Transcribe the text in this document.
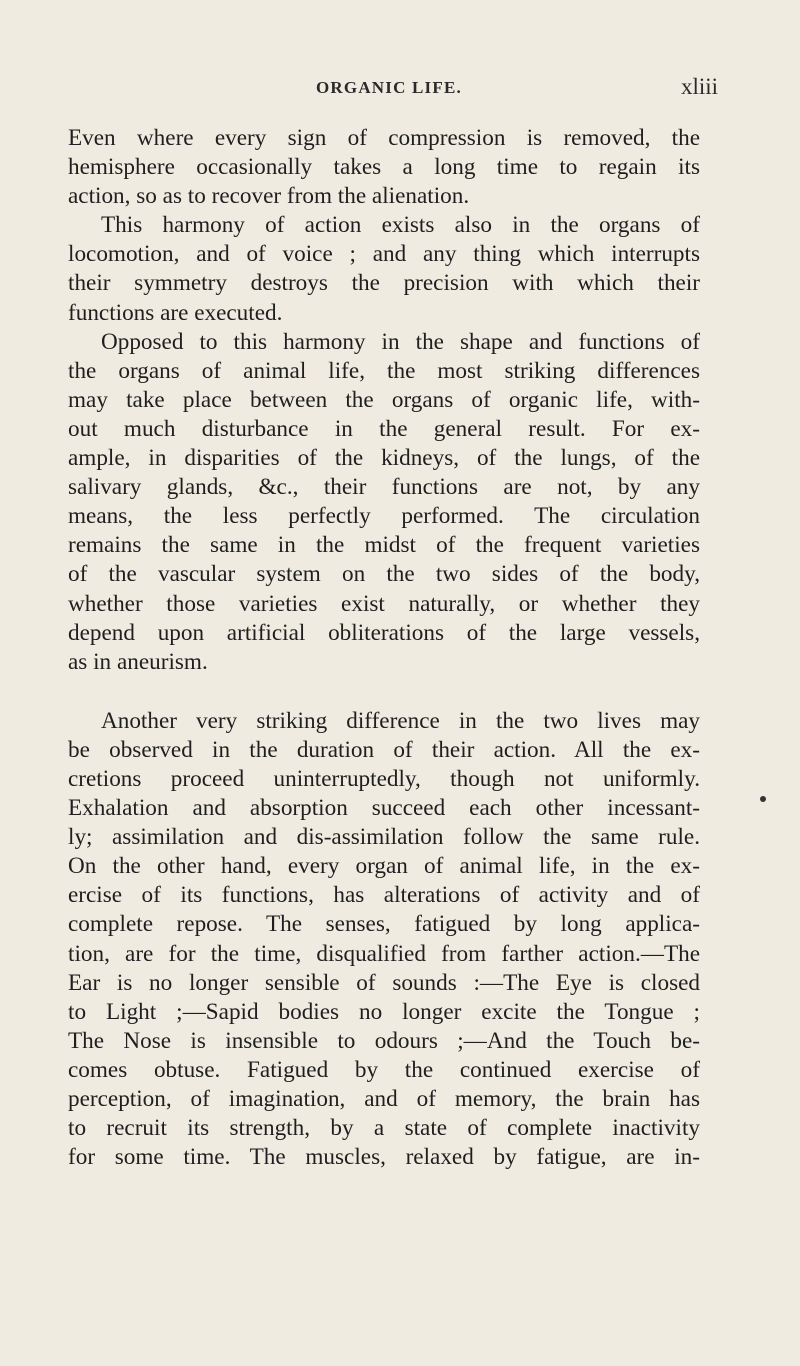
ORGANIC LIFE.	xliii
Even where every sign of compression is removed, the
hemisphere occasionally takes a long time to regain its
action, so as to recover from the alienation.
This harmony of action exists also in the organs of
locomotion, and of voice ; and any thing which interrupts
their symmetry destroys the precision with which their
functions are executed.
Opposed to this harmony in the shape and functions of
the organs of animal life, the most striking differences
may take place between the organs of organic life, with-
out much disturbance in the general result. For ex-
ample, in disparities of the kidneys, of the lungs, of the
salivary glands, &c., their functions are not, by any
means, the less perfectly performed. The circulation
remains the same in the midst of the frequent varieties
of the vascular system on the two sides of the body,
whether those varieties exist naturally, or whether they
depend upon artificial obliterations of the large vessels,
as in aneurism.
Another very striking difference in the two lives may
be observed in the duration of their action. All the ex-
cretions proceed uninterruptedly, though not uniformly.
Exhalation and absorption succeed each other incessant-
ly; assimilation and dis-assimilation follow the same rule.
On the other hand, every organ of animal life, in the ex-
ercise of its functions, has alterations of activity and of
complete repose. The senses, fatigued by long applica-
tion, are for the time, disqualified from farther action.—The
Ear is no longer sensible of sounds :—The Eye is closed
to Light ;—Sapid bodies no longer excite the Tongue ;
The Nose is insensible to odours ;—And the Touch be-
comes obtuse. Fatigued by the continued exercise of
perception, of imagination, and of memory, the brain has
to recruit its strength, by a state of complete inactivity
for some time. The muscles, relaxed by fatigue, are in-
